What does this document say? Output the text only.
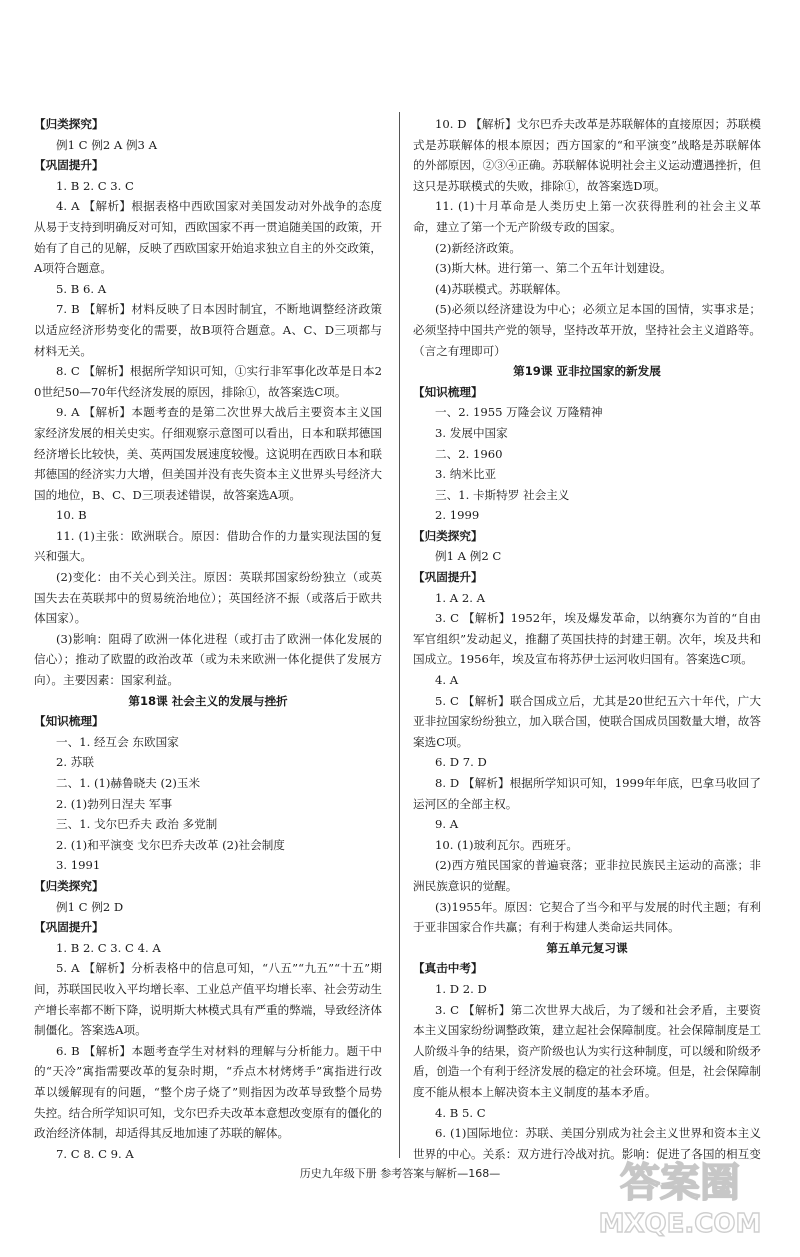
【归类探究】

例1 C 例2 A 例3 A

【巩固提升】

1. B 2. C 3. C

4. A 【解析】根据表格中西欧国家对美国发动对外战争的态度从易于支持到明确反对可知，西欧国家不再一贯追随美国的政策，开始有了自己的见解，反映了西欧国家开始追求独立自主的外交政策，A项符合题意。

5. B 6. A

7. B 【解析】材料反映了日本因时制宜，不断地调整经济政策以适应经济形势变化的需要，故B项符合题意。A、C、D三项都与材料无关。

8. C 【解析】根据所学知识可知，①实行非军事化改革是日本20世纪50—70年代经济发展的原因，排除①，故答案选C项。

9. A 【解析】本题考查的是第二次世界大战后主要资本主义国家经济发展的相关史实。仔细观察示意图可以看出，日本和联邦德国经济增长比较快，美、英两国发展速度较慢。这说明在西欧日本和联邦德国的经济实力大增，但美国并没有丧失资本主义世界头号经济大国的地位，B、C、D三项表述错误，故答案选A项。

10. B

11. (1)主张：欧洲联合。原因：借助合作的力量实现法国的复兴和强大。

(2)变化：由不关心到关注。原因：英联邦国家纷纷独立（或英国失去在英联邦中的贸易统治地位）；英国经济不振（或落后于欧共体国家）。

(3)影响：阻碍了欧洲一体化进程（或打击了欧洲一体化发展的信心）；推动了欧盟的政治改革（或为未来欧洲一体化提供了发展方向）。主要因素：国家利益。

第18课 社会主义的发展与挫折

【知识梳理】

一、1. 经互会 东欧国家

2. 苏联

二、1. (1)赫鲁晓夫 (2)玉米

2. (1)勃列日涅夫 军事

三、1. 戈尔巴乔夫 政治 多党制

2. (1)和平演变 戈尔巴乔夫改革 (2)社会制度

3. 1991

【归类探究】

例1 C 例2 D

【巩固提升】

1. B 2. C 3. C 4. A

5. A 【解析】分析表格中的信息可知，“八五”“九五”“十五”期间，苏联国民收入平均增长率、工业总产值平均增长率、社会劳动生产增长率都不断下降，说明斯大林模式具有严重的弊端，导致经济体制僵化。答案选A项。

6. B 【解析】本题考查学生对材料的理解与分析能力。题干中的“天冷”寓指需要改革的复杂时期，“乔点木材烤烤手”寓指进行改革以缓解现有的问题，“整个房子烧了”则指因为改革导致整个局势失控。结合所学知识可知，戈尔巴乔夫改革本意想改变原有的僵化的政治经济体制，却适得其反地加速了苏联的解体。

7. C 8. C 9. A

10. D 【解析】戈尔巴乔夫改革是苏联解体的直接原因；苏联模式是苏联解体的根本原因；西方国家的“和平演变”战略是苏联解体的外部原因，②③④正确。苏联解体说明社会主义运动遭遇挫折，但这只是苏联模式的失败，排除①，故答案选D项。

11. (1)十月革命是人类历史上第一次获得胜利的社会主义革命，建立了第一个无产阶级专政的国家。

(2)新经济政策。

(3)斯大林。进行第一、第二个五年计划建设。

(4)苏联模式。苏联解体。

(5)必须以经济建设为中心；必须立足本国的国情，实事求是；必须坚持中国共产党的领导，坚持改革开放，坚持社会主义道路等。（言之有理即可）

第19课 亚非拉国家的新发展

【知识梳理】

一、2. 1955 万隆会议 万隆精神

3. 发展中国家

二、2. 1960

3. 纳米比亚

三、1. 卡斯特罗 社会主义

2. 1999

【归类探究】

例1 A 例2 C

【巩固提升】

1. A 2. A

3. C 【解析】1952年，埃及爆发革命，以纳赛尔为首的“自由军官组织”发动起义，推翻了英国扶持的封建王朝。次年，埃及共和国成立。1956年，埃及宣布将苏伊士运河收归国有。答案选C项。

4. A

5. C 【解析】联合国成立后，尤其是20世纪五六十年代，广大亚非拉国家纷纷独立，加入联合国，使联合国成员国数量大增，故答案选C项。

6. D 7. D

8. D 【解析】根据所学知识可知，1999年年底，巴拿马收回了运河区的全部主权。

9. A

10. (1)玻利瓦尔。西班牙。

(2)西方殖民国家的普遍衰落；亚非拉民族民主运动的高涨；非洲民族意识的觉醒。

(3)1955年。原因：它契合了当今和平与发展的时代主题；有利于亚非国家合作共赢；有利于构建人类命运共同体。

第五单元复习课

【真击中考】

1. D 2. D

3. C 【解析】第二次世界大战后，为了缓和社会矛盾，主要资本主义国家纷纷调整政策，建立起社会保障制度。社会保障制度是工人阶级斗争的结果，资产阶级也认为实行这种制度，可以缓和阶级矛盾，创造一个有利于经济发展的稳定的社会环境。但是，社会保障制度不能从根本上解决资本主义制度的基本矛盾。

4. B 5. C

6. (1)国际地位：苏联、美国分别成为社会主义世界和资本主义世界的中心。关系：双方进行冷战对抗。影响：促进了各国的相互变

历史九年级下册 参考答案与解析—168—	答案圈
MXQE.COM
